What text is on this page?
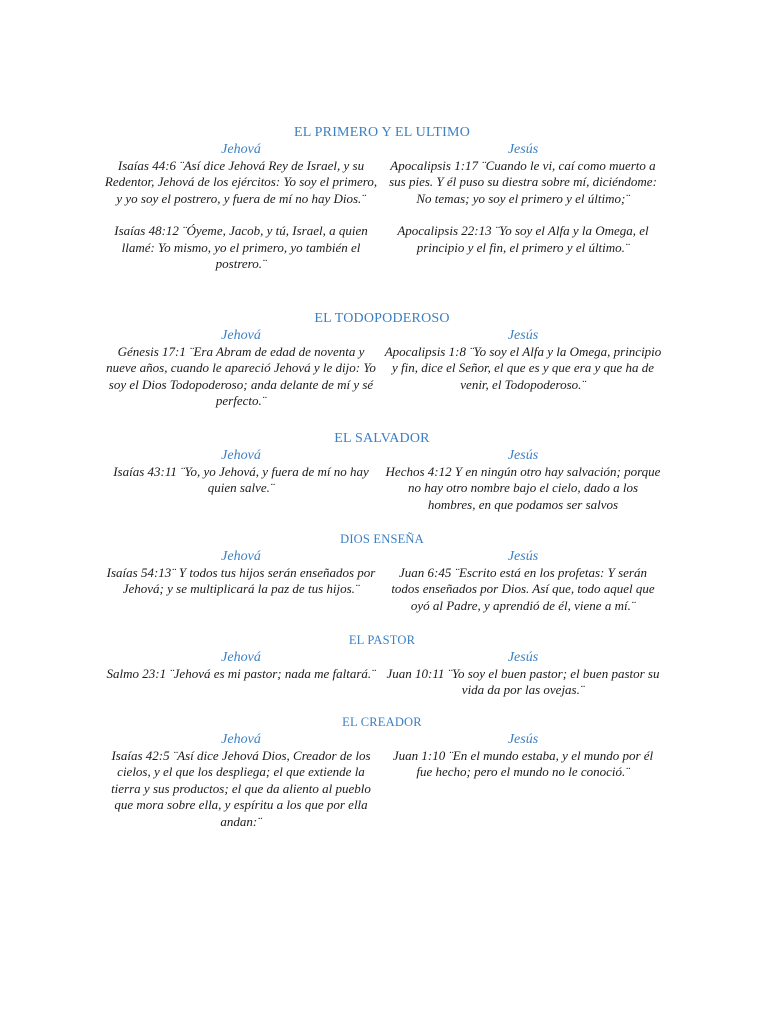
EL PRIMERO Y EL ULTIMO
Jehová

Isaías 44:6 ¨Así dice Jehová Rey de Israel, y su Redentor, Jehová de los ejércitos: Yo soy el primero, y yo soy el postrero, y fuera de mí no hay Dios.¨

Isaías 48:12 ¨Óyeme, Jacob, y tú, Israel, a quien llamé: Yo mismo, yo el primero, yo también el postrero.¨

Jesús

Apocalipsis 1:17 ¨Cuando le vi, caí como muerto a sus pies. Y él puso su diestra sobre mí, diciéndome: No temas; yo soy el primero y el último;¨

Apocalipsis 22:13 ¨Yo soy el Alfa y la Omega, el principio y el fin, el primero y el último.¨

EL TODOPODEROSO
Jehová

Génesis 17:1 ¨Era Abram de edad de noventa y nueve años, cuando le apareció Jehová y le dijo: Yo soy el Dios Todopoderoso; anda delante de mí y sé perfecto.¨

Jesús

Apocalipsis 1:8 ¨Yo soy el Alfa y la Omega, principio y fin, dice el Señor, el que es y que era y que ha de venir, el Todopoderoso.¨

EL SALVADOR
Jehová

Isaías 43:11 ¨Yo, yo Jehová, y fuera de mí no hay quien salve.¨

Jesús

Hechos 4:12 Y en ningún otro hay salvación; porque no hay otro nombre bajo el cielo, dado a los hombres, en que podamos ser salvos

DIOS ENSEÑA
Jehová

Isaías 54:13¨ Y todos tus hijos serán enseñados por Jehová; y se multiplicará la paz de tus hijos.¨

Jesús

Juan 6:45 ¨Escrito está en los profetas: Y serán todos enseñados por Dios. Así que, todo aquel que oyó al Padre, y aprendió de él, viene a mí.¨

EL PASTOR
Jehová

Salmo 23:1 ¨Jehová es mi pastor; nada me faltará.¨

Jesús

Juan 10:11 ¨Yo soy el buen pastor; el buen pastor su vida da por las ovejas.¨

EL CREADOR
Jehová

Isaías 42:5 ¨Así dice Jehová Dios, Creador de los cielos, y el que los despliega; el que extiende la tierra y sus productos; el que da aliento al pueblo que mora sobre ella, y espíritu a los que por ella andan:¨

Jesús

Juan 1:10 ¨En el mundo estaba, y el mundo por él fue hecho; pero el mundo no le conoció.¨
